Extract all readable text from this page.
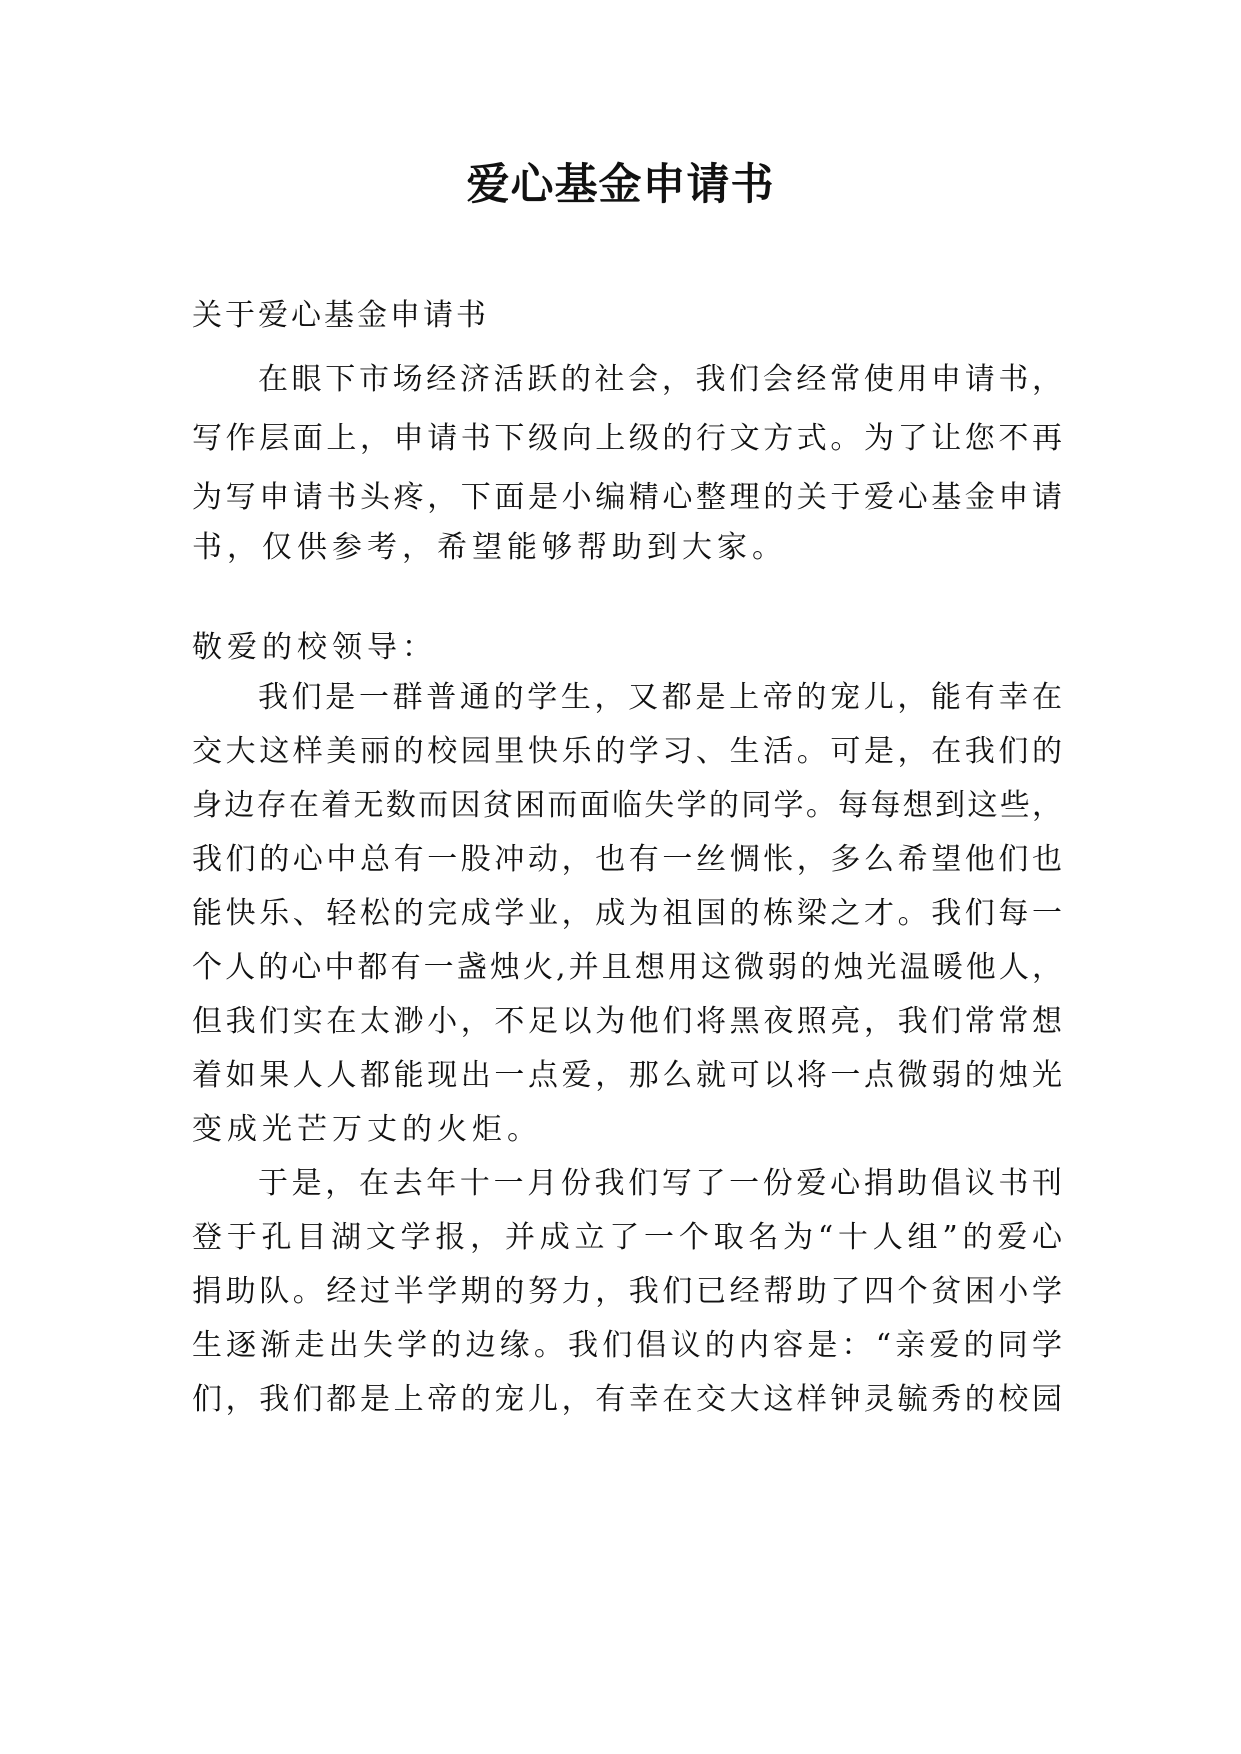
爱心基金申请书

关于爱心基金申请书

在眼下市场经济活跃的社会，我们会经常使用申请书，

写作层面上，申请书下级向上级的行文方式。为了让您不再

为写申请书头疼，下面是小编精心整理的关于爱心基金申请

书，仅供参考，希望能够帮助到大家。

敬爱的校领导：

我们是一群普通的学生，又都是上帝的宠儿，能有幸在

交大这样美丽的校园里快乐的学习、生活。可是，在我们的

身边存在着无数而因贫困而面临失学的同学。每每想到这些，

我们的心中总有一股冲动，也有一丝惆怅，多么希望他们也

能快乐、轻松的完成学业，成为祖国的栋梁之才。我们每一

个人的心中都有一盏烛火,并且想用这微弱的烛光温暖他人，

但我们实在太渺小，不足以为他们将黑夜照亮，我们常常想

着如果人人都能现出一点爱，那么就可以将一点微弱的烛光

变成光芒万丈的火炬。

于是，在去年十一月份我们写了一份爱心捐助倡议书刊

登于孔目湖文学报，并成立了一个取名为“十人组”的爱心

捐助队。经过半学期的努力，我们已经帮助了四个贫困小学

生逐渐走出失学的边缘。我们倡议的内容是：“亲爱的同学

们，我们都是上帝的宠儿，有幸在交大这样钟灵毓秀的校园
